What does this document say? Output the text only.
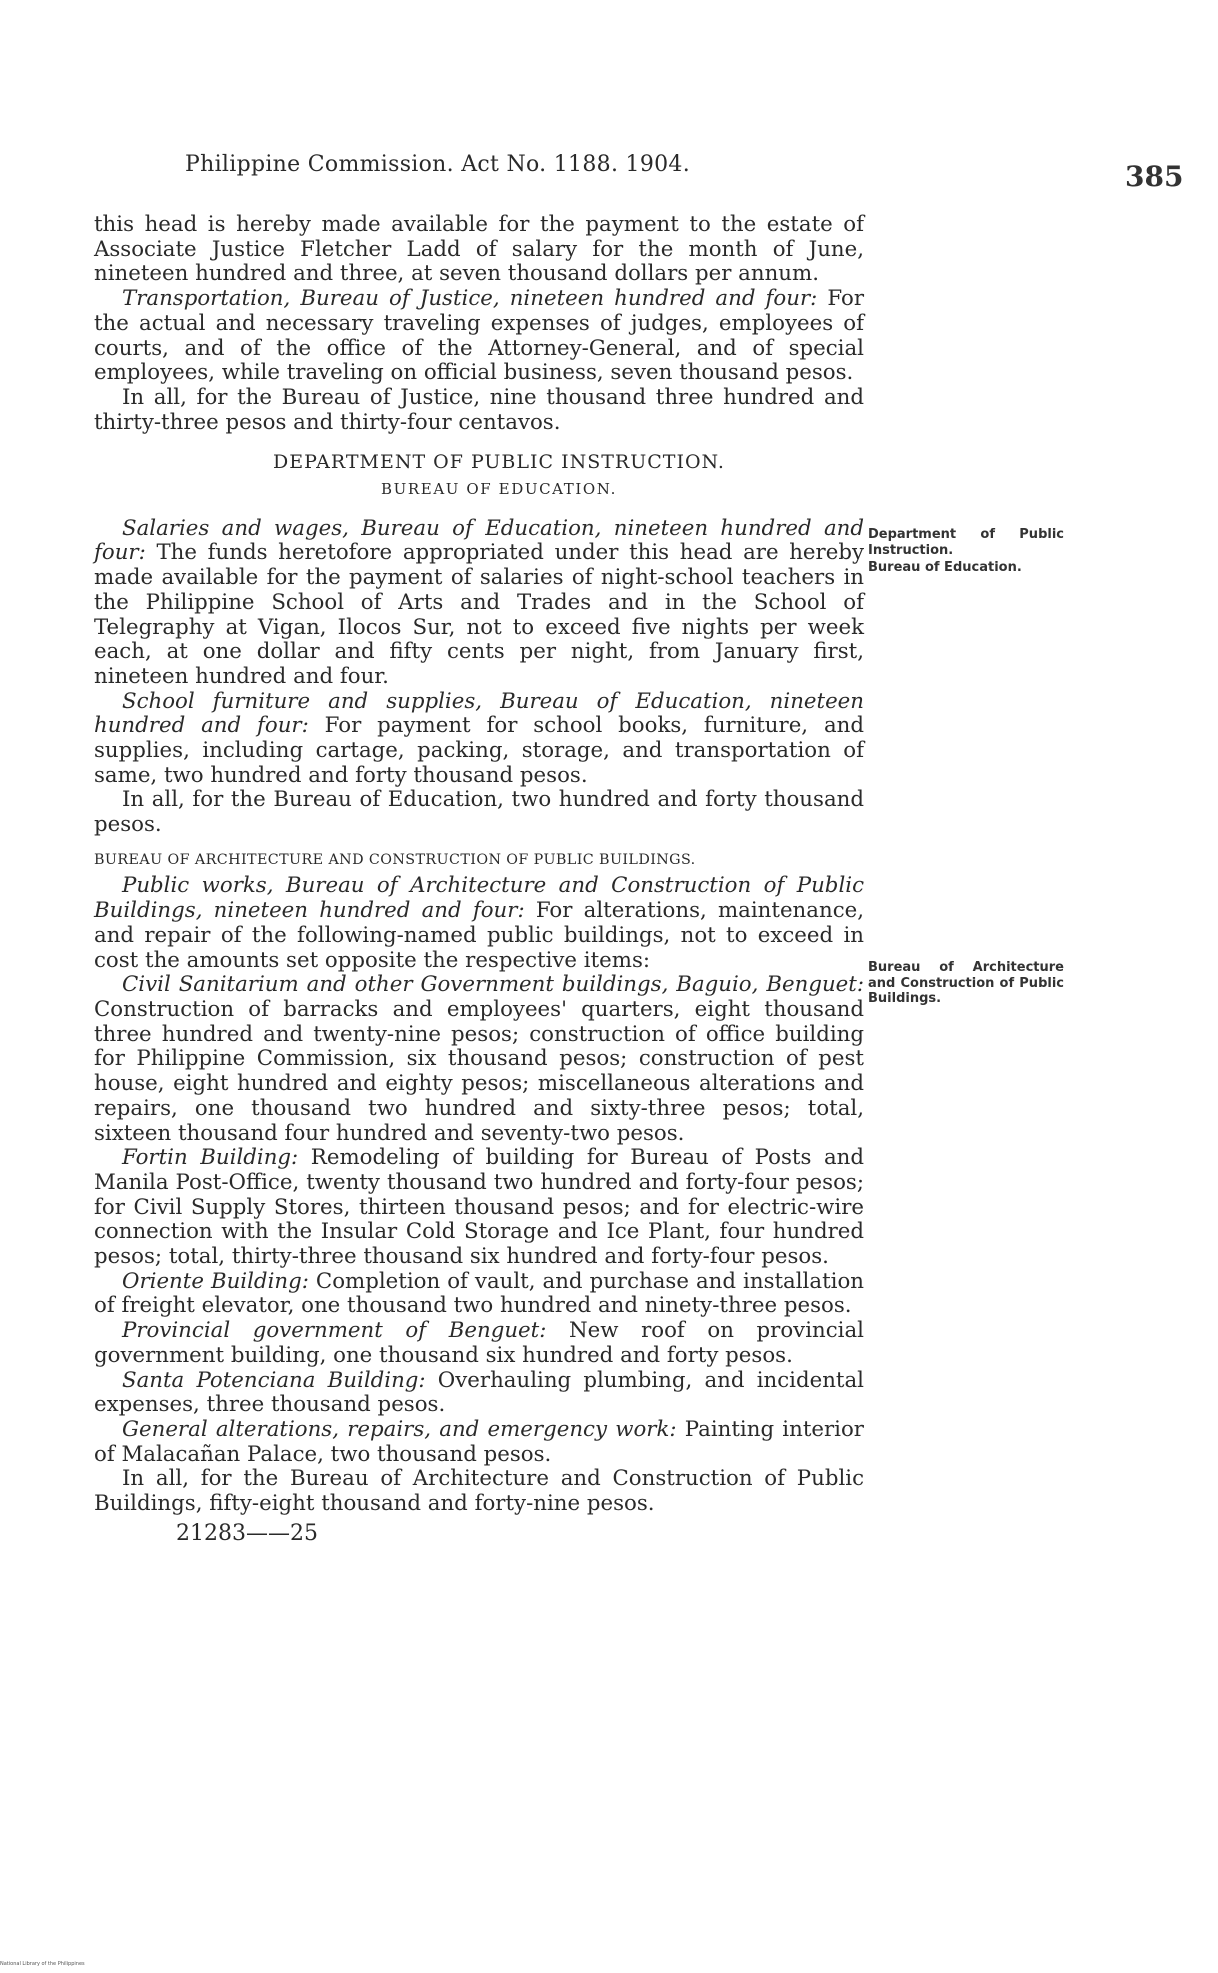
Philippine Commission. Act No. 1188. 1904.	385
Department of Public Instruction.
Bureau of Education.
Bureau of Architecture and Construction of Public Buildings.

this head is hereby made available for the payment to the estate of Associate Justice Fletcher Ladd of salary for the month of June, nineteen hundred and three, at seven thousand dollars per annum.

Transportation, Bureau of Justice, nineteen hundred and four: For the actual and necessary traveling expenses of judges, employees of courts, and of the office of the Attorney-General, and of special employees, while traveling on official business, seven thousand pesos.

In all, for the Bureau of Justice, nine thousand three hundred and thirty-three pesos and thirty-four centavos.

DEPARTMENT OF PUBLIC INSTRUCTION.

BUREAU OF EDUCATION.

Salaries and wages, Bureau of Education, nineteen hundred and four: The funds heretofore appropriated under this head are hereby made available for the payment of salaries of night-school teachers in the Philippine School of Arts and Trades and in the School of Telegraphy at Vigan, Ilocos Sur, not to exceed five nights per week each, at one dollar and fifty cents per night, from January first, nineteen hundred and four.

School furniture and supplies, Bureau of Education, nineteen hundred and four: For payment for school books, furniture, and supplies, including cartage, packing, storage, and transportation of same, two hundred and forty thousand pesos.

In all, for the Bureau of Education, two hundred and forty thousand pesos.

BUREAU OF ARCHITECTURE AND CONSTRUCTION OF PUBLIC BUILDINGS.

Public works, Bureau of Architecture and Construction of Public Buildings, nineteen hundred and four: For alterations, maintenance, and repair of the following-named public buildings, not to exceed in cost the amounts set opposite the respective items:

Civil Sanitarium and other Government buildings, Baguio, Benguet: Construction of barracks and employees' quarters, eight thousand three hundred and twenty-nine pesos; construction of office building for Philippine Commission, six thousand pesos; construction of pest house, eight hundred and eighty pesos; miscellaneous alterations and repairs, one thousand two hundred and sixty-three pesos; total, sixteen thousand four hundred and seventy-two pesos.

Fortin Building: Remodeling of building for Bureau of Posts and Manila Post-Office, twenty thousand two hundred and forty-four pesos; for Civil Supply Stores, thirteen thousand pesos; and for electric-wire connection with the Insular Cold Storage and Ice Plant, four hundred pesos; total, thirty-three thousand six hundred and forty-four pesos.

Oriente Building: Completion of vault, and purchase and installation of freight elevator, one thousand two hundred and ninety-three pesos.

Provincial government of Benguet: New roof on provincial government building, one thousand six hundred and forty pesos.

Santa Potenciana Building: Overhauling plumbing, and incidental expenses, three thousand pesos.

General alterations, repairs, and emergency work: Painting interior of Malacañan Palace, two thousand pesos.

In all, for the Bureau of Architecture and Construction of Public Buildings, fifty-eight thousand and forty-nine pesos.

21283——25

National Library of the Philippines
